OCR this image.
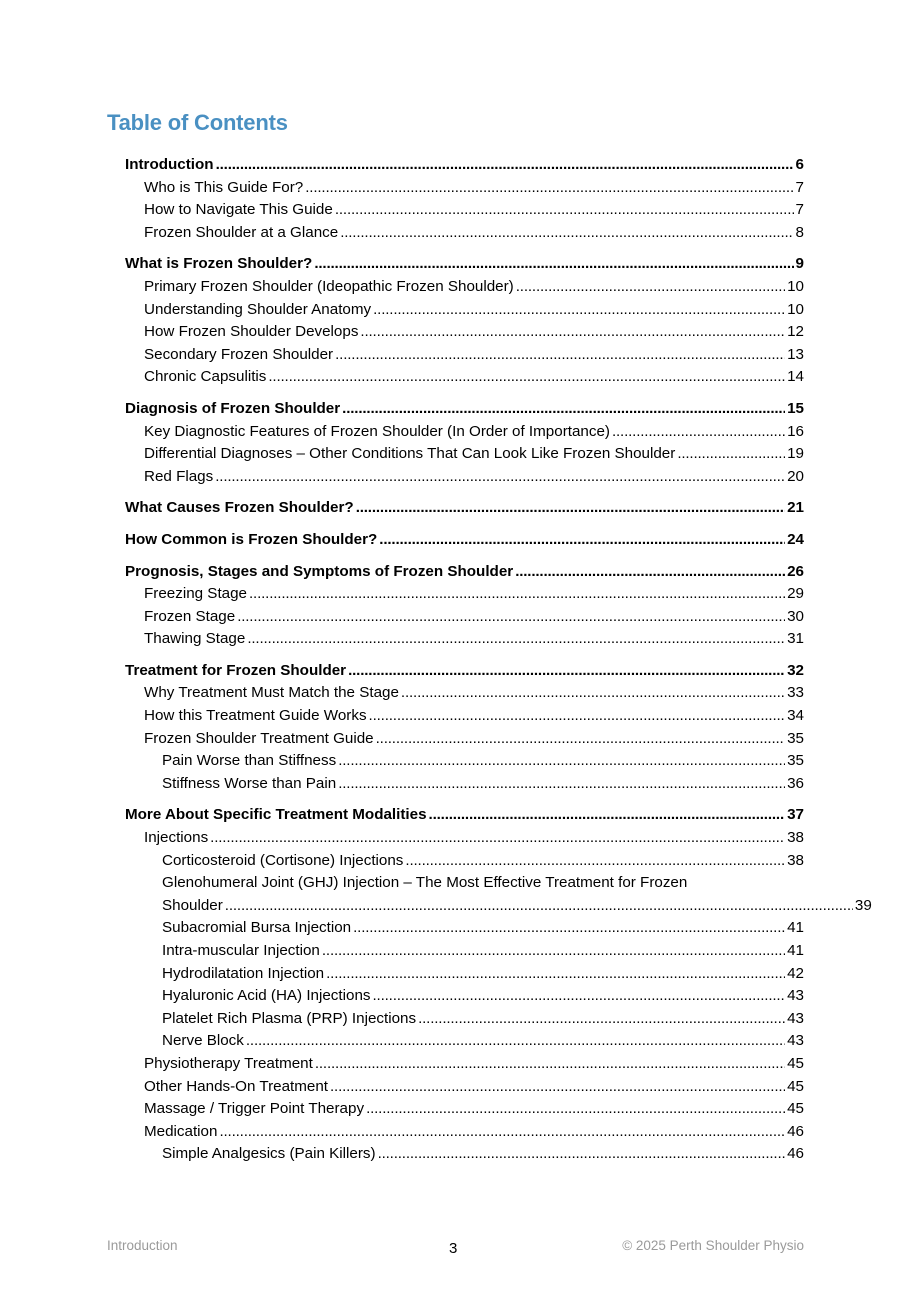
Table of Contents
Introduction . . .	6
Who is This Guide For? . . .	7
How to Navigate This Guide . . .	7
Frozen Shoulder at a Glance . . .	8
What is Frozen Shoulder? . . .	9
Primary Frozen Shoulder (Ideopathic Frozen Shoulder) . . .	10
Understanding Shoulder Anatomy . . .	10
How Frozen Shoulder Develops . . .	12
Secondary Frozen Shoulder . . .	13
Chronic Capsulitis . . .	14
Diagnosis of Frozen Shoulder . . .	15
Key Diagnostic Features of Frozen Shoulder (In Order of Importance) . . .	16
Differential Diagnoses – Other Conditions That Can Look Like Frozen Shoulder . . .	19
Red Flags . . .	20
What Causes Frozen Shoulder? . . .	21
How Common is Frozen Shoulder? . . .	24
Prognosis, Stages and Symptoms of Frozen Shoulder . . .	26
Freezing Stage . . .	29
Frozen Stage . . .	30
Thawing Stage . . .	31
Treatment for Frozen Shoulder . . .	32
Why Treatment Must Match the Stage . . .	33
How this Treatment Guide Works . . .	34
Frozen Shoulder Treatment Guide . . .	35
Pain Worse than Stiffness . . .	35
Stiffness Worse than Pain . . .	36
More About Specific Treatment Modalities . . .	37
Injections . . .	38
Corticosteroid (Cortisone) Injections . . .	38
Glenohumeral Joint (GHJ) Injection – The Most Effective Treatment for Frozen
Shoulder . . .	39
Subacromial Bursa Injection . . .	41
Intra-muscular Injection . . .	41
Hydrodilatation Injection . . .	42
Hyaluronic Acid (HA) Injections . . .	43
Platelet Rich Plasma (PRP) Injections . . .	43
Nerve Block . . .	43
Physiotherapy Treatment . . .	45
Other Hands-On Treatment . . .	45
Massage / Trigger Point Therapy . . .	45
Medication . . .	46
Simple Analgesics (Pain Killers) . . .	46
Introduction	3	© 2025 Perth Shoulder Physio
